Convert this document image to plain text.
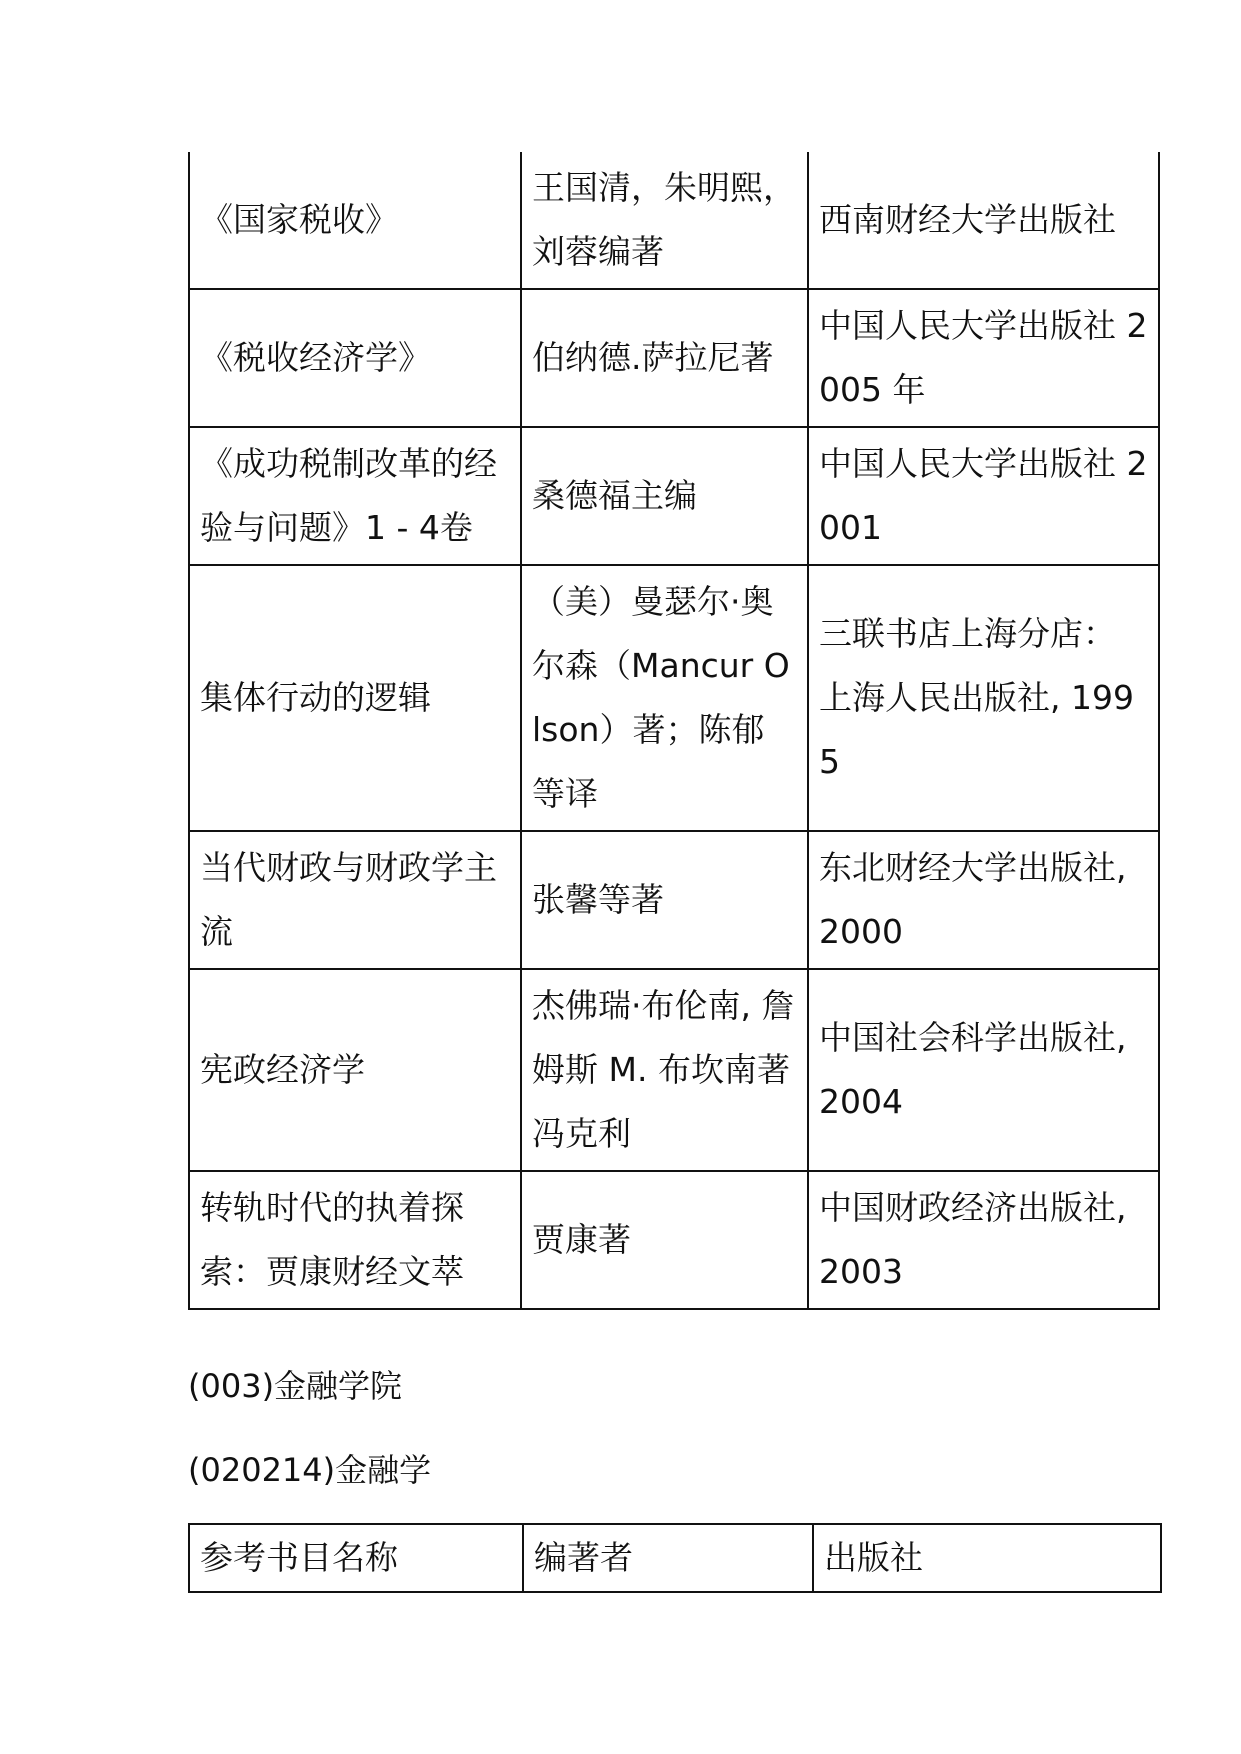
《国家税收》	王国清，朱明熙，刘蓉编著	西南财经大学出版社
《税收经济学》	伯纳德.萨拉尼著	中国人民大学出版社 2005 年
《成功税制改革的经验与问题》1 - 4卷	桑德福主编	中国人民大学出版社 2001
集体行动的逻辑	（美）曼瑟尔·奥尔森（Mancur Olson）著；陈郁等译	三联书店上海分店：上海人民出版社, 1995
当代财政与财政学主流	张馨等著	东北财经大学出版社, 2000
宪政经济学	杰佛瑞·布伦南, 詹姆斯 M. 布坎南著 冯克利	中国社会科学出版社, 2004
转轨时代的执着探索：贾康财经文萃	贾康著	中国财政经济出版社, 2003
(003)金融学院
(020214)金融学
参考书目名称	编著者	出版社
